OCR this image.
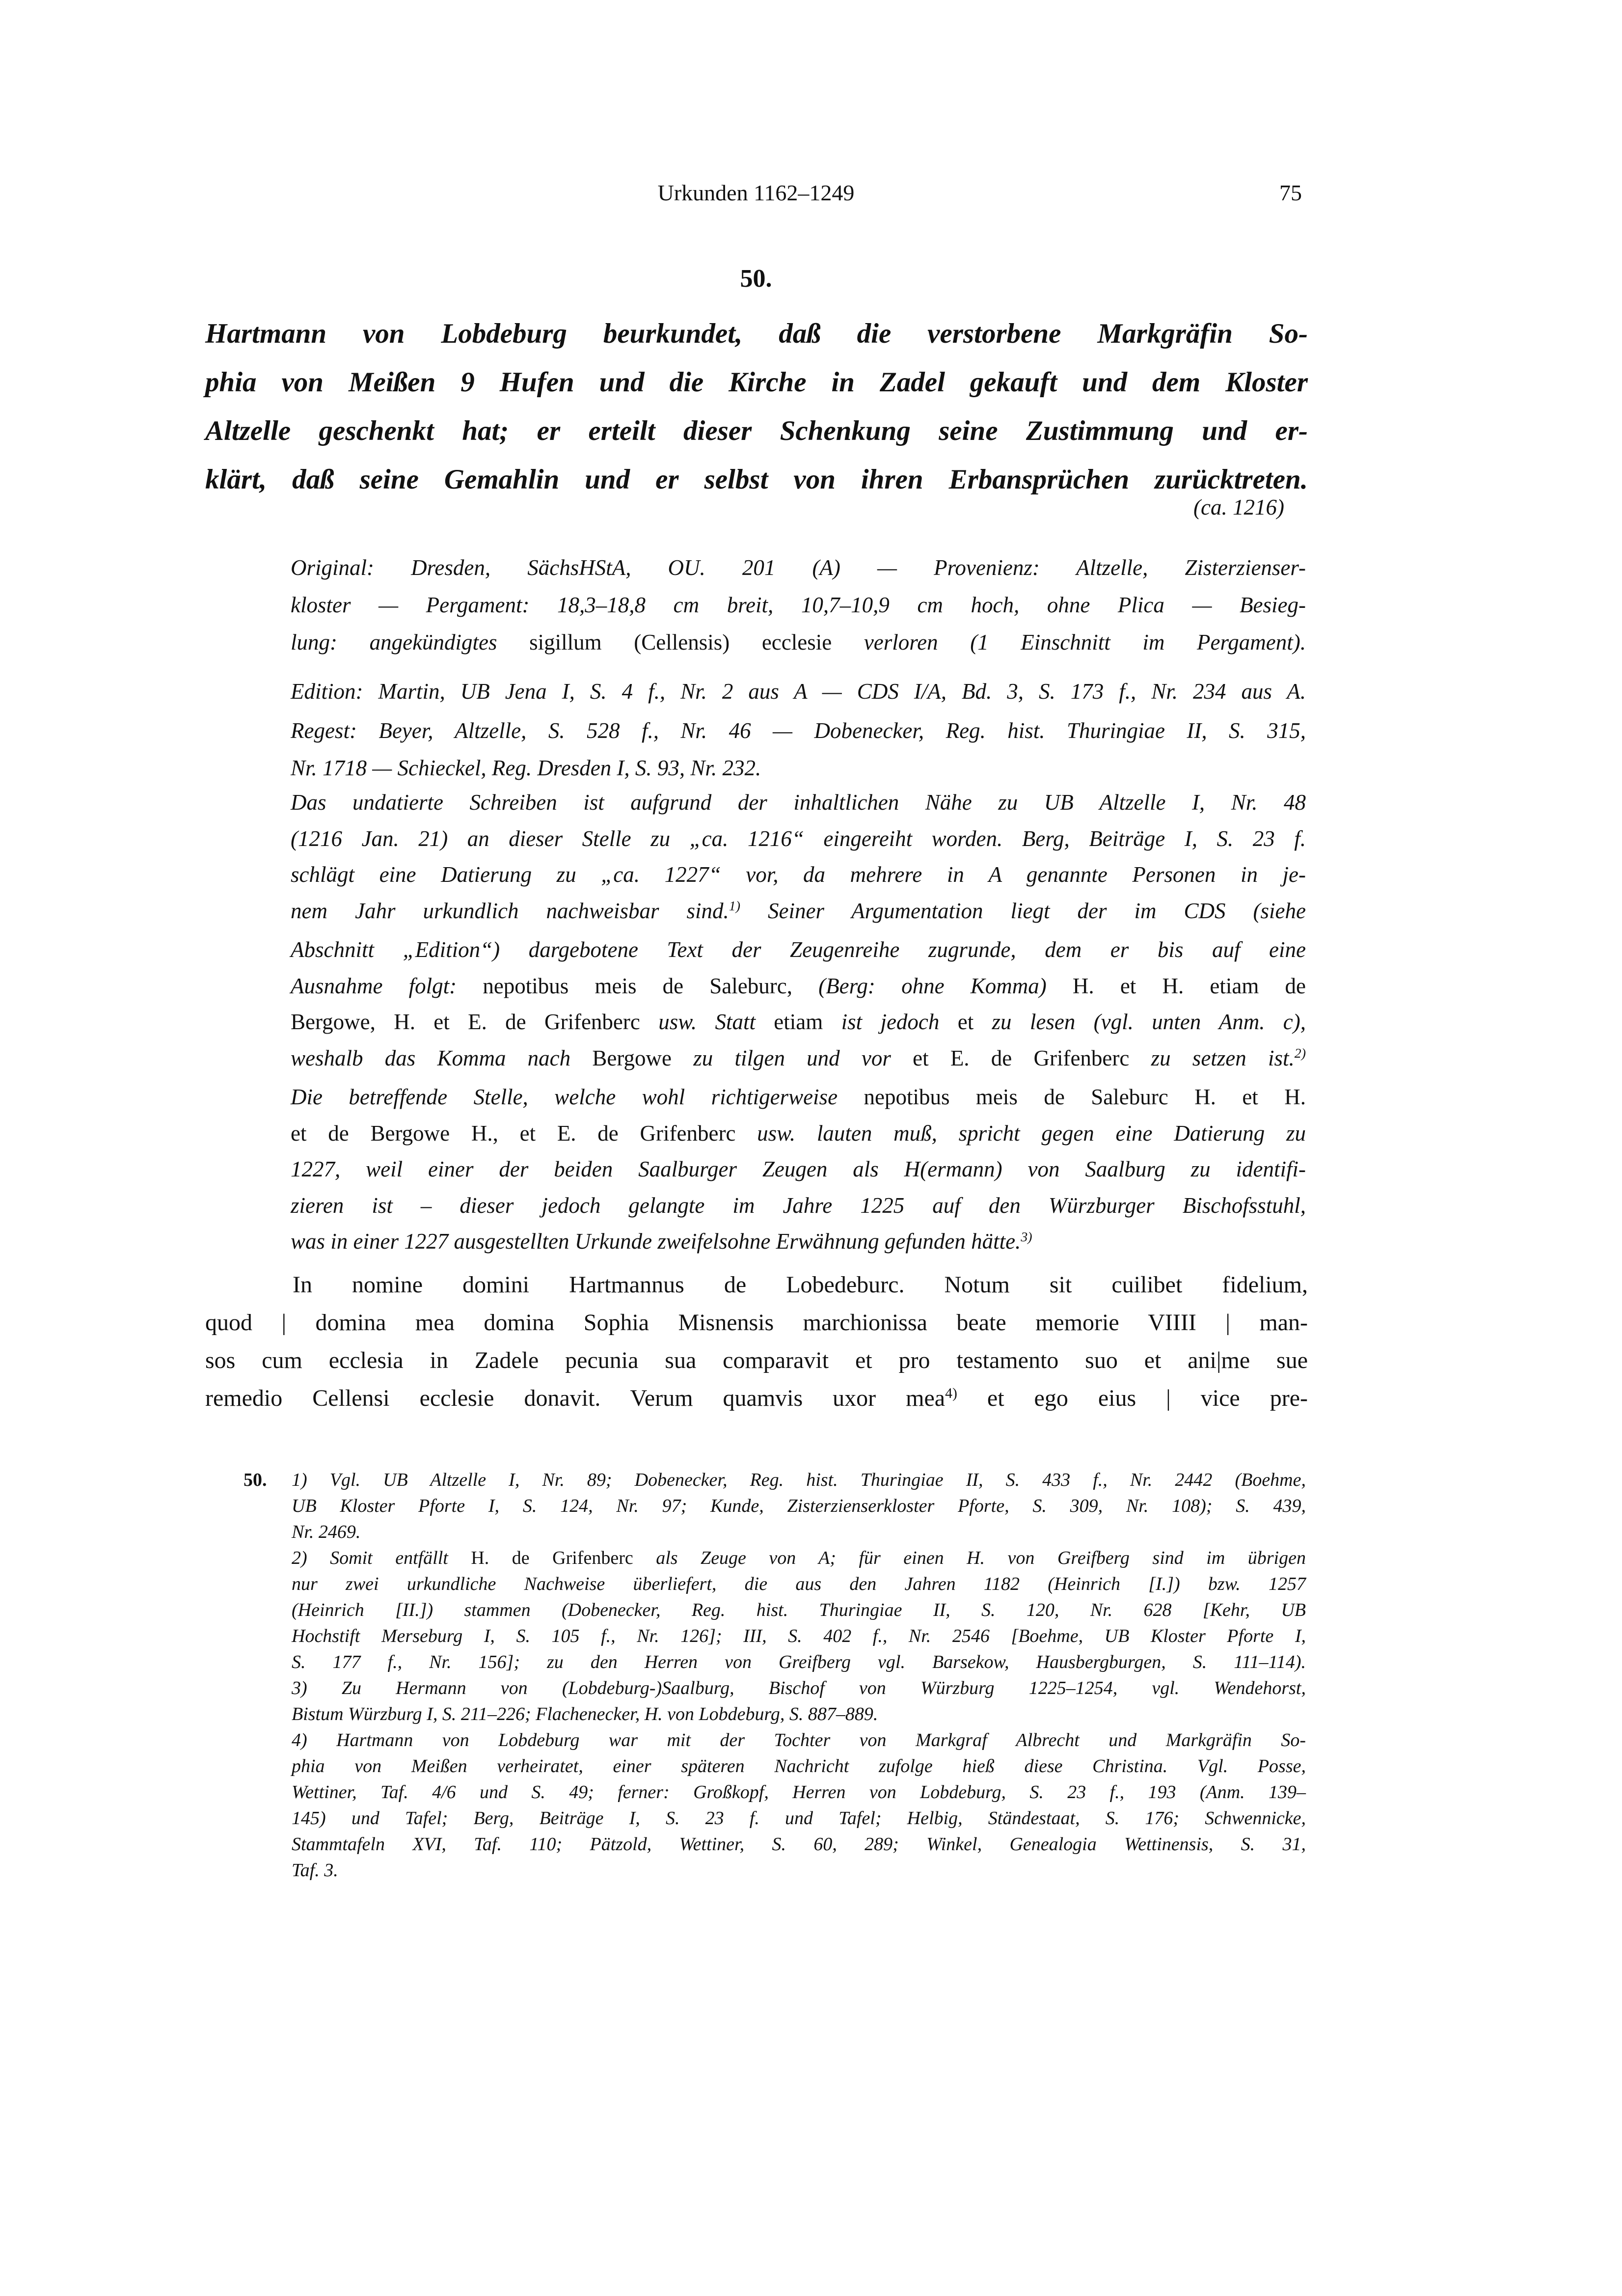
Urkunden 1162–1249	75
50.
Hartmann von Lobdeburg beurkundet, daß die verstorbene Markgräfin So-
phia von Meißen 9 Hufen und die Kirche in Zadel gekauft und dem Kloster
Altzelle geschenkt hat; er erteilt dieser Schenkung seine Zustimmung und er-
klärt, daß seine Gemahlin und er selbst von ihren Erbansprüchen zurücktreten.
(ca. 1216)
Original: Dresden, SächsHStA, OU. 201 (A) — Provenienz: Altzelle, Zisterzienser-
kloster — Pergament: 18,3–18,8 cm breit, 10,7–10,9 cm hoch, ohne Plica — Besieg-
lung: angekündigtes sigillum (Cellensis) ecclesie verloren (1 Einschnitt im Pergament).
Edition: Martin, UB Jena I, S. 4 f., Nr. 2 aus A — CDS I/A, Bd. 3, S. 173 f., Nr. 234 aus A.
Regest: Beyer, Altzelle, S. 528 f., Nr. 46 — Dobenecker, Reg. hist. Thuringiae II, S. 315,
Nr. 1718 — Schieckel, Reg. Dresden I, S. 93, Nr. 232.
Das undatierte Schreiben ist aufgrund der inhaltlichen Nähe zu UB Altzelle I, Nr. 48
(1216 Jan. 21) an dieser Stelle zu „ca. 1216“ eingereiht worden. Berg, Beiträge I, S. 23 f.
schlägt eine Datierung zu „ca. 1227“ vor, da mehrere in A genannte Personen in je-
nem Jahr urkundlich nachweisbar sind.$^{1)}$ Seiner Argumentation liegt der im CDS (siehe
Abschnitt „Edition“) dargebotene Text der Zeugenreihe zugrunde, dem er bis auf eine
Ausnahme folgt: nepotibus meis de Saleburc, (Berg: ohne Komma) H. et H. etiam de
Bergowe, H. et E. de Grifenberc usw. Statt etiam ist jedoch et zu lesen (vgl. unten Anm. c),
weshalb das Komma nach Bergowe zu tilgen und vor et E. de Grifenberc zu setzen ist.$^{2)}$
Die betreffende Stelle, welche wohl richtigerweise nepotibus meis de Saleburc H. et H.
et de Bergowe H., et E. de Grifenberc usw. lauten muß, spricht gegen eine Datierung zu
1227, weil einer der beiden Saalburger Zeugen als H(ermann) von Saalburg zu identifi-
zieren ist – dieser jedoch gelangte im Jahre 1225 auf den Würzburger Bischofsstuhl,
was in einer 1227 ausgestellten Urkunde zweifelsohne Erwähnung gefunden hätte.$^{3)}$
In nomine domini Hartmannus de Lobedeburc. Notum sit cuilibet fidelium,
quod | domina mea domina Sophia Misnensis marchionissa beate memorie VIIII | man-
sos cum ecclesia in Zadele pecunia sua comparavit et pro testamento suo et ani|me sue
remedio Cellensi ecclesie donavit. Verum quamvis uxor mea$^{4)}$ et ego eius | vice pre-
50. 1) Vgl. UB Altzelle I, Nr. 89; Dobenecker, Reg. hist. Thuringiae II, S. 433 f., Nr. 2442 (Boehme,
UB Kloster Pforte I, S. 124, Nr. 97; Kunde, Zisterzienserkloster Pforte, S. 309, Nr. 108); S. 439,
Nr. 2469.
2) Somit entfällt H. de Grifenberc als Zeuge von A; für einen H. von Greifberg sind im übrigen
nur zwei urkundliche Nachweise überliefert, die aus den Jahren 1182 (Heinrich [I.]) bzw. 1257
(Heinrich [II.]) stammen (Dobenecker, Reg. hist. Thuringiae II, S. 120, Nr. 628 [Kehr, UB
Hochstift Merseburg I, S. 105 f., Nr. 126]; III, S. 402 f., Nr. 2546 [Boehme, UB Kloster Pforte I,
S. 177 f., Nr. 156]; zu den Herren von Greifberg vgl. Barsekow, Hausbergburgen, S. 111–114).
3) Zu Hermann von (Lobdeburg-)Saalburg, Bischof von Würzburg 1225–1254, vgl. Wendehorst,
Bistum Würzburg I, S. 211–226; Flachenecker, H. von Lobdeburg, S. 887–889.
4) Hartmann von Lobdeburg war mit der Tochter von Markgraf Albrecht und Markgräfin So-
phia von Meißen verheiratet, einer späteren Nachricht zufolge hieß diese Christina. Vgl. Posse,
Wettiner, Taf. 4/6 und S. 49; ferner: Großkopf, Herren von Lobdeburg, S. 23 f., 193 (Anm. 139–
145) und Tafel; Berg, Beiträge I, S. 23 f. und Tafel; Helbig, Ständestaat, S. 176; Schwennicke,
Stammtafeln XVI, Taf. 110; Pätzold, Wettiner, S. 60, 289; Winkel, Genealogia Wettinensis, S. 31,
Taf. 3.
